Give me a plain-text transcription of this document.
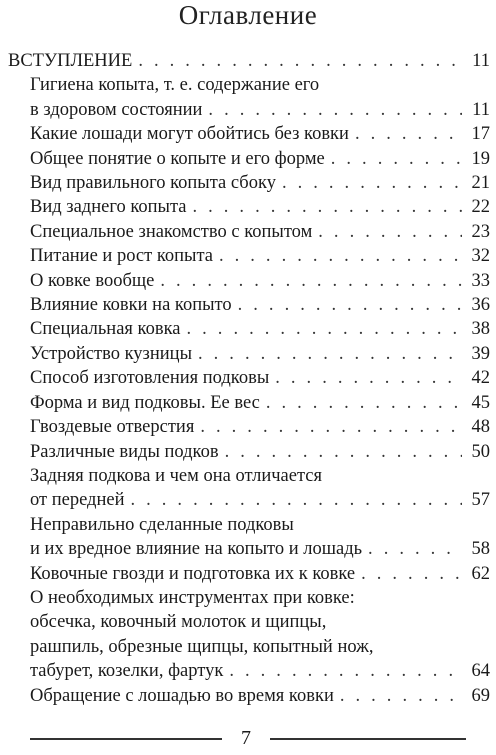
Оглавление
ВСТУПЛЕНИЕ . . .	11
Гигиена копыта, т. е. содержание его
в здоровом состоянии . . .	11
Какие лошади могут обойтись без ковки . . .	17
Общее понятие о копыте и его форме . . .	19
Вид правильного копыта сбоку . . .	21
Вид заднего копыта . . .	22
Специальное знакомство с копытом . . .	23
Питание и рост копыта . . .	32
О ковке вообще . . .	33
Влияние ковки на копыто . . .	36
Специальная ковка . . .	38
Устройство кузницы . . .	39
Способ изготовления подковы . . .	42
Форма и вид подковы. Ее вес . . .	45
Гвоздевые отверстия . . .	48
Различные виды подков . . .	50
Задняя подкова и чем она отличается
от передней . . .	57
Неправильно сделанные подковы
и их вредное влияние на копыто и лошадь . . .	58
Ковочные гвозди и подготовка их к ковке . . .	62
О необходимых инструментах при ковке:
обсечка, ковочный молоток и щипцы,
рашпиль, обрезные щипцы, копытный нож,
табурет, козелки, фартук . . .	64
Обращение с лошадью во время ковки . . .	69
7
